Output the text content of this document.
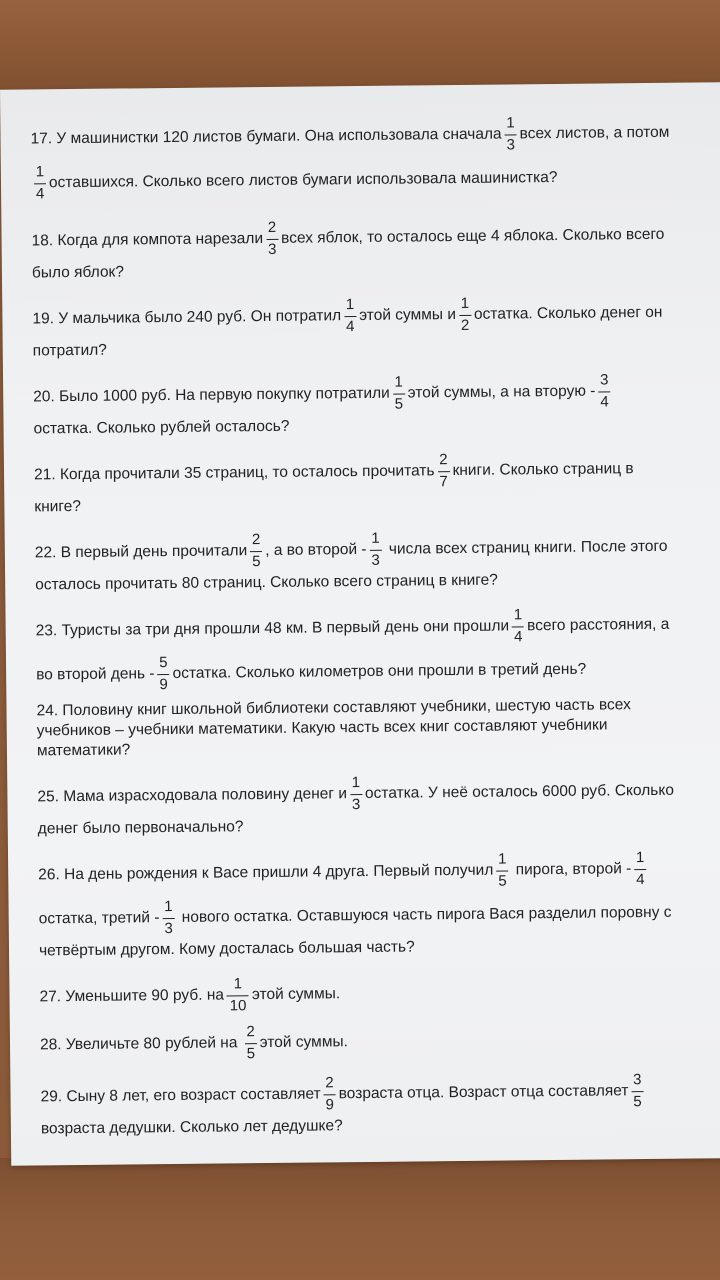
17. У машинистки 120 листов бумаги. Она использовала сначала $\frac{1}{3}$ всех листов, а потом
$\frac{1}{4}$ оставшихся. Сколько всего листов бумаги использовала машинистка?
18. Когда для компота нарезали $\frac{2}{3}$ всех яблок, то осталось еще 4 яблока. Сколько всего
было яблок?
19. У мальчика было 240 руб. Он потратил $\frac{1}{4}$ этой суммы и $\frac{1}{2}$ остатка. Сколько денег он
потратил?
20. Было 1000 руб. На первую покупку потратили $\frac{1}{5}$ этой суммы, а на вторую - $\frac{3}{4}$
остатка. Сколько рублей осталось?
21. Когда прочитали 35 страниц, то осталось прочитать $\frac{2}{7}$ книги. Сколько страниц в
книге?
22. В первый день прочитали $\frac{2}{5}$ , а во второй - $\frac{1}{3}$ числа всех страниц книги. После этого
осталось прочитать 80 страниц. Сколько всего страниц в книге?
23. Туристы за три дня прошли 48 км. В первый день они прошли $\frac{1}{4}$ всего расстояния, а
во второй день - $\frac{5}{9}$ остатка. Сколько километров они прошли в третий день?
24. Половину книг школьной библиотеки составляют учебники, шестую часть всех
учебников – учебники математики. Какую часть всех книг составляют учебники
математики?
25. Мама израсходовала половину денег и $\frac{1}{3}$ остатка. У неё осталось 6000 руб. Сколько
денег было первоначально?
26. На день рождения к Васе пришли 4 друга. Первый получил $\frac{1}{5}$ пирога, второй - $\frac{1}{4}$
остатка, третий - $\frac{1}{3}$ нового остатка. Оставшуюся часть пирога Вася разделил поровну с
четвёртым другом. Кому досталась большая часть?
27. Уменьшите 90 руб. на $\frac{1}{10}$ этой суммы.
28. Увеличьте 80 рублей на $\frac{2}{5}$ этой суммы.
29. Сыну 8 лет, его возраст составляет $\frac{2}{9}$ возраста отца. Возраст отца составляет $\frac{3}{5}$
возраста дедушки. Сколько лет дедушке?
